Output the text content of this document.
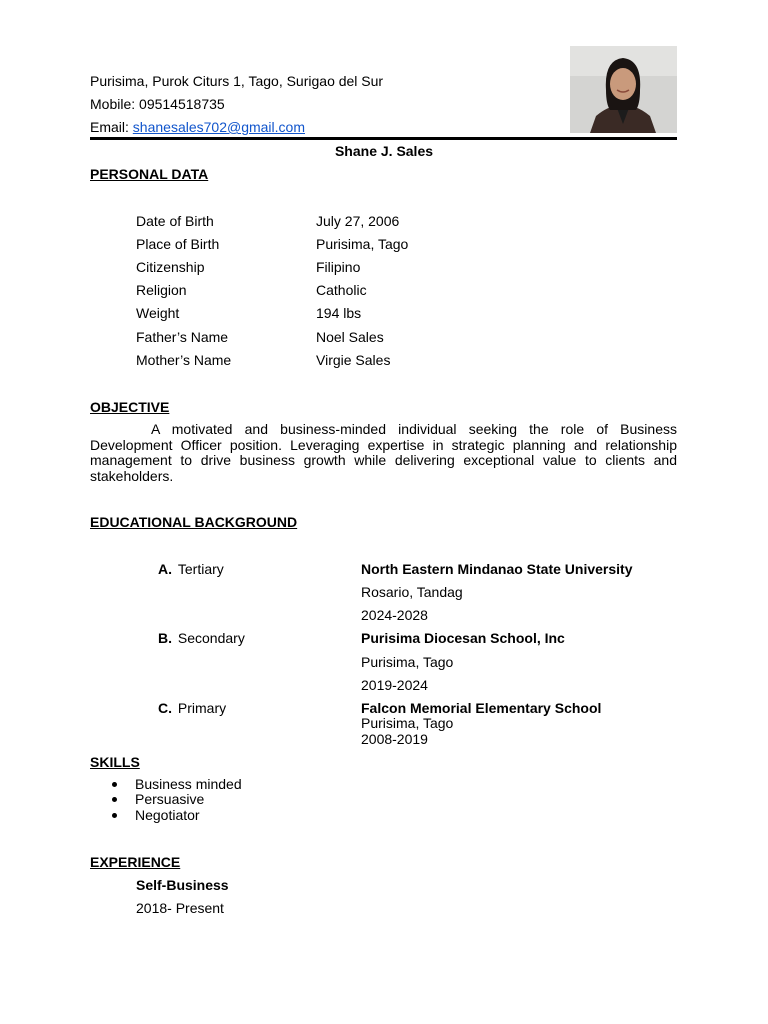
Purisima, Purok Citurs 1, Tago, Surigao del Sur
Mobile: 09514518735
Email: shanesales702@gmail.com
Shane J. Sales
PERSONAL DATA
Date of Birth	July 27, 2006
Place of Birth	Purisima, Tago
Citizenship	Filipino
Religion	Catholic
Weight	194 lbs
Father’s Name	Noel Sales
Mother’s Name	Virgie Sales
OBJECTIVE
A motivated and business-minded individual seeking the role of Business Development Officer position. Leveraging expertise in strategic planning and relationship management to drive business growth while delivering exceptional value to clients and stakeholders.
EDUCATIONAL BACKGROUND
A. Tertiary	North Eastern Mindanao State University
Rosario, Tandag
2024-2028
B. Secondary	Purisima Diocesan School, Inc
Purisima, Tago
2019-2024
C. Primary	Falcon Memorial Elementary School
Purisima, Tago
2008-2019
SKILLS
Business minded
Persuasive
Negotiator
EXPERIENCE
Self-Business
2018- Present
